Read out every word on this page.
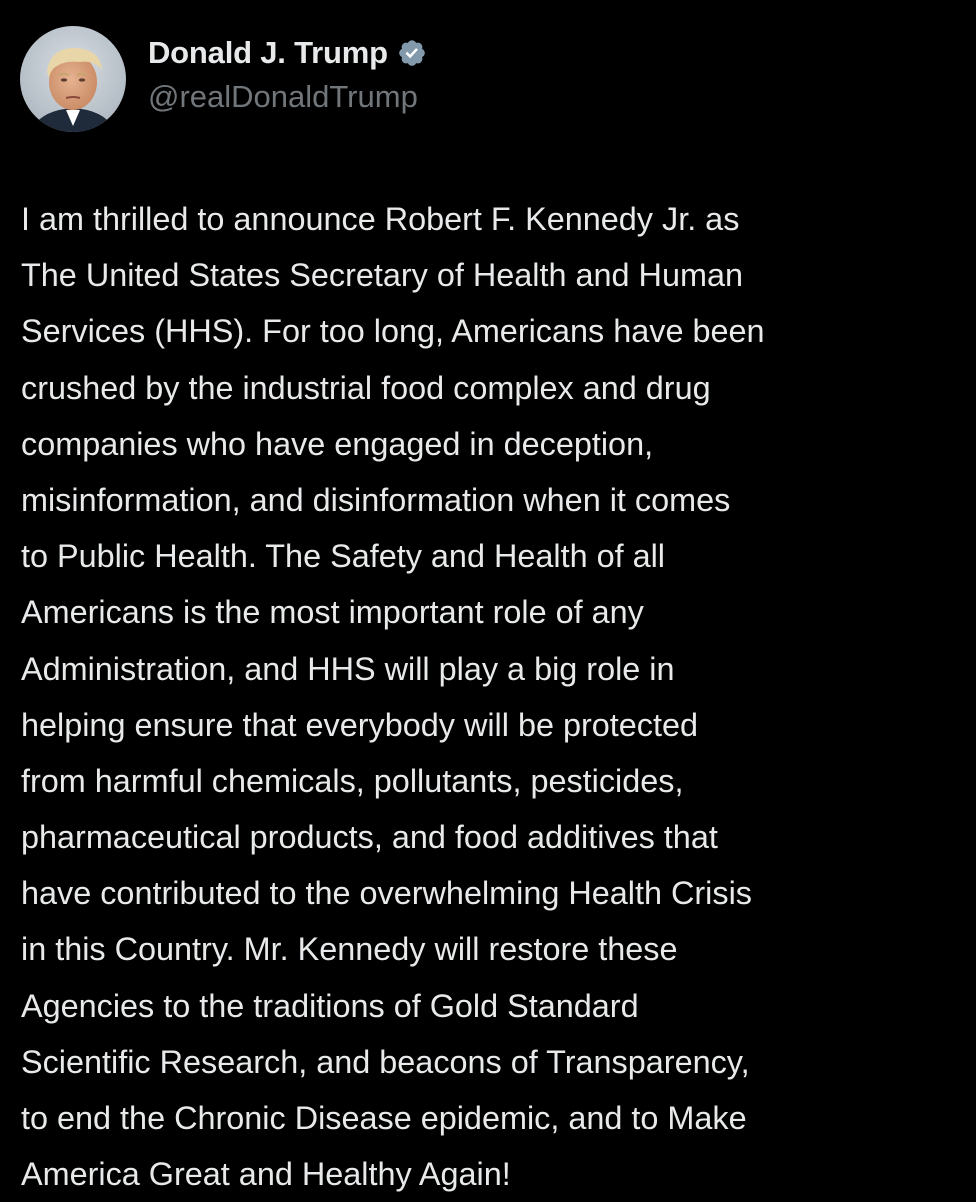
Donald J. Trump
@realDonaldTrump
I am thrilled to announce Robert F. Kennedy Jr. as
The United States Secretary of Health and Human
Services (HHS). For too long, Americans have been
crushed by the industrial food complex and drug
companies who have engaged in deception,
misinformation, and disinformation when it comes
to Public Health. The Safety and Health of all
Americans is the most important role of any
Administration, and HHS will play a big role in
helping ensure that everybody will be protected
from harmful chemicals, pollutants, pesticides,
pharmaceutical products, and food additives that
have contributed to the overwhelming Health Crisis
in this Country. Mr. Kennedy will restore these
Agencies to the traditions of Gold Standard
Scientific Research, and beacons of Transparency,
to end the Chronic Disease epidemic, and to Make
America Great and Healthy Again!
